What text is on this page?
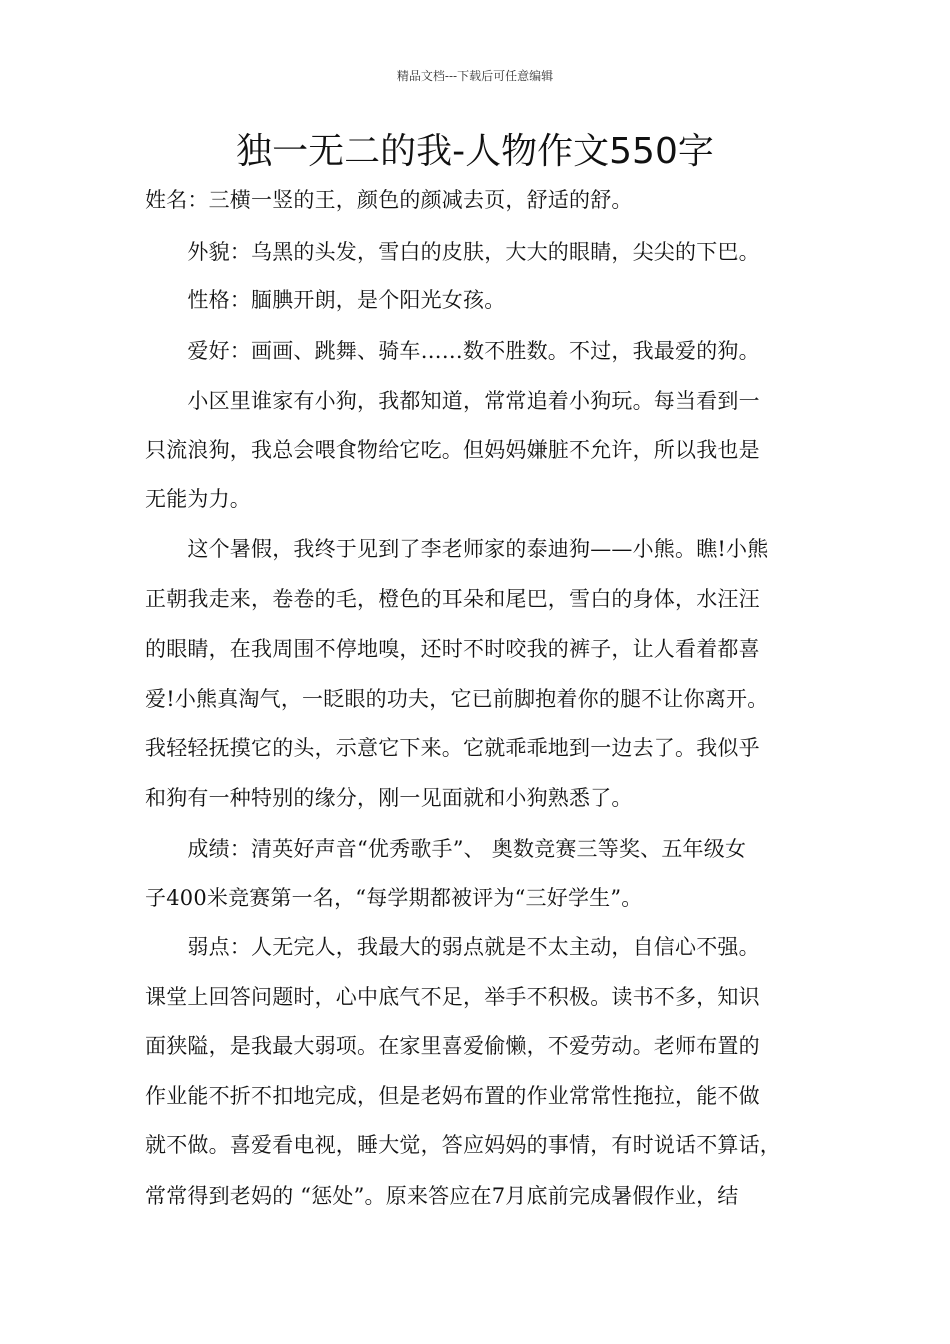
精品文档---下载后可任意编辑
独一无二的我-人物作文550字
姓名：三横一竖的王，颜色的颜减去页，舒适的舒。
　　外貌：乌黑的头发，雪白的皮肤，大大的眼睛，尖尖的下巴。
　　性格：腼腆开朗，是个阳光女孩。
　　爱好：画画、跳舞、骑车……数不胜数。不过，我最爱的狗。
　　小区里谁家有小狗，我都知道，常常追着小狗玩。每当看到一
只流浪狗，我总会喂食物给它吃。但妈妈嫌脏不允许，所以我也是
无能为力。
　　这个暑假，我终于见到了李老师家的泰迪狗——小熊。瞧!小熊
正朝我走来，卷卷的毛，橙色的耳朵和尾巴，雪白的身体，水汪汪
的眼睛，在我周围不停地嗅，还时不时咬我的裤子，让人看着都喜
爱!小熊真淘气，一眨眼的功夫，它已前脚抱着你的腿不让你离开。
我轻轻抚摸它的头，示意它下来。它就乖乖地到一边去了。我似乎
和狗有一种特别的缘分，刚一见面就和小狗熟悉了。
　　成绩：清英好声音“优秀歌手”、 奥数竞赛三等奖、五年级女
子400米竞赛第一名，“每学期都被评为“三好学生”。
　　弱点：人无完人，我最大的弱点就是不太主动，自信心不强。
课堂上回答问题时，心中底气不足，举手不积极。读书不多，知识
面狭隘，是我最大弱项。在家里喜爱偷懒，不爱劳动。老师布置的
作业能不折不扣地完成，但是老妈布置的作业常常性拖拉，能不做
就不做。喜爱看电视，睡大觉，答应妈妈的事情，有时说话不算话，
常常得到老妈的 “惩处”。原来答应在7月底前完成暑假作业，结
